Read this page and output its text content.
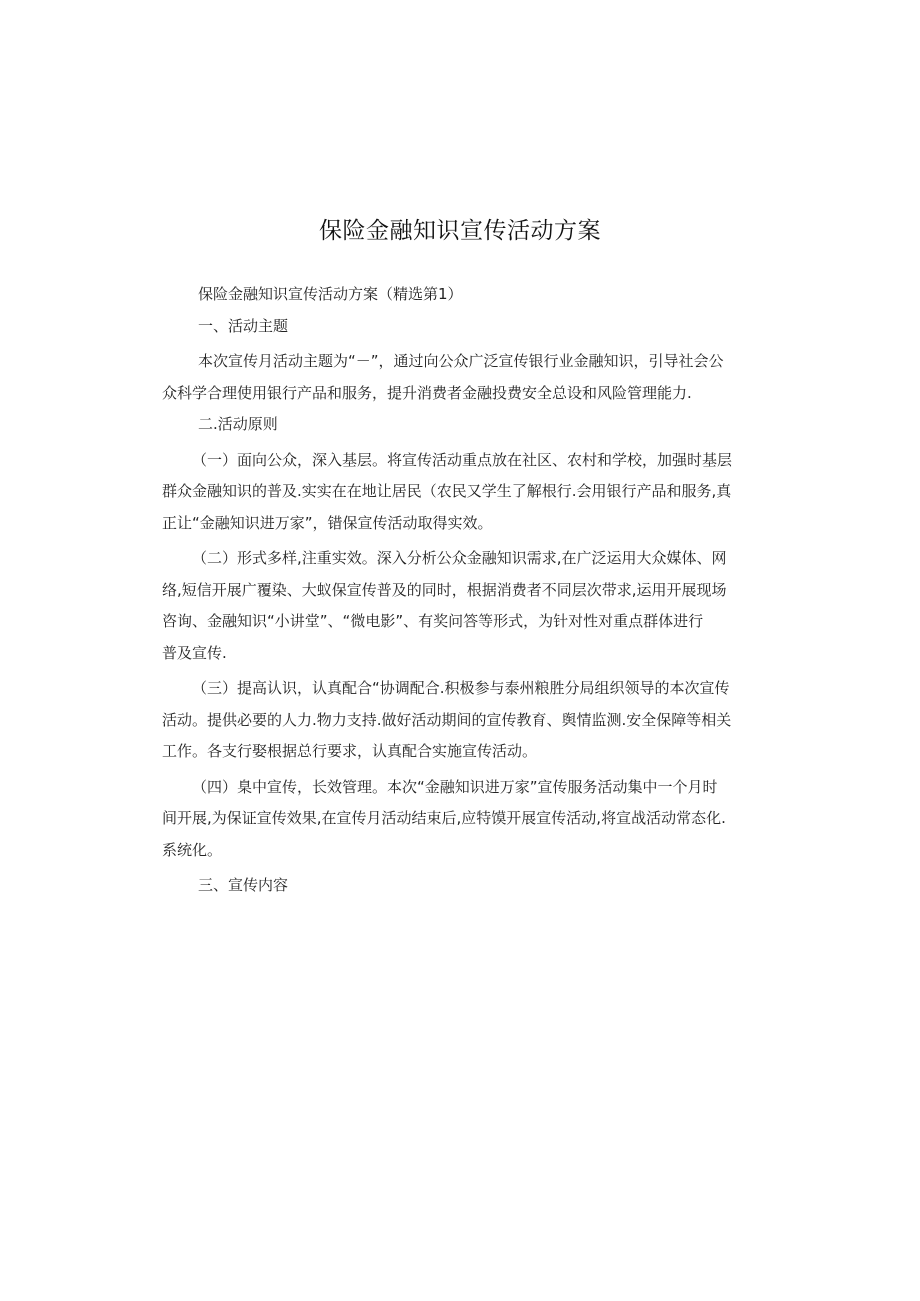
保险金融知识宣传活动方案

保险金融知识宣传活动方案（精选第1）

一、活动主题

本次宣传月活动主题为“－”，通过向公众广泛宣传银行业金融知识，引导社会公

众科学合理使用银行产品和服务，提升消费者金融投费安全总设和风险管理能力.

二.活动原则

（一）面向公众，深入基层。将宣传活动重点放在社区、农村和学校，加强时基层

群众金融知识的普及.实实在在地让居民（农民又学生了解根行.会用银行产品和服务,真

正让“金融知识进万家”，错保宣传活动取得实效。

（二）形式多样,注重实效。深入分析公众金融知识需求,在广泛运用大众媒体、网

络,短信开展广覆染、大蚁保宣传普及的同时，根据消费者不同层次带求,运用开展现场

咨询、金融知识“小讲堂”、“微电影”、有奖问答等形式，为针对性对重点群体进行

普及宣传.

（三）提高认识，认真配合“协调配合.积极参与泰州粮胜分局组织领导的本次宣传

活动。提供必要的人力.物力支持.做好活动期间的宣传教育、舆情监测.安全保障等相关

工作。各支行娶根据总行要求，认真配合实施宣传活动。

（四）臬中宣传，长效管理。本次“金融知识进万家”宣传服务活动集中一个月时

间开展,为保证宣传效果,在宣传月活动结束后,应特馍开展宣传活动,将宣战活动常态化.

系统化。

三、宣传内容
